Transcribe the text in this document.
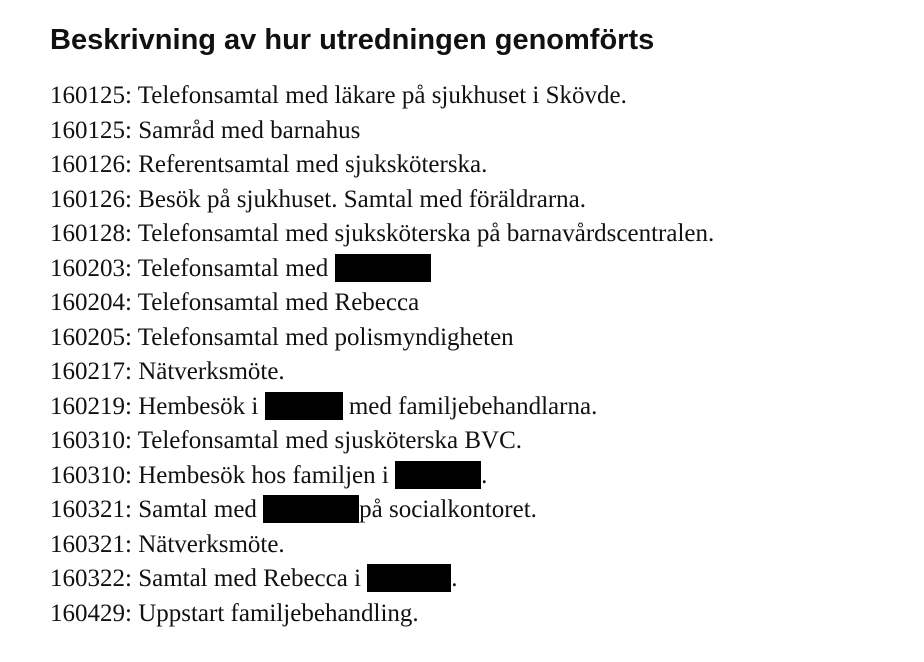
Beskrivning av hur utredningen genomförts
160125: Telefonsamtal med läkare på sjukhuset i Skövde.
160125: Samråd med barnahus
160126: Referentsamtal med sjuksköterska.
160126: Besök på sjukhuset. Samtal med föräldrarna.
160128: Telefonsamtal med sjuksköterska på barnavårdscentralen.
160203: Telefonsamtal med
160204: Telefonsamtal med Rebecca
160205: Telefonsamtal med polismyndigheten
160217: Nätverksmöte.
160219: Hembesök i	med familjebehandlarna.
160310: Telefonsamtal med sjusköterska BVC.
160310: Hembesök hos familjen i	.
160321: Samtal med	på socialkontoret.
160321: Nätverksmöte.
160322: Samtal med Rebecca i	.
160429: Uppstart familjebehandling.
